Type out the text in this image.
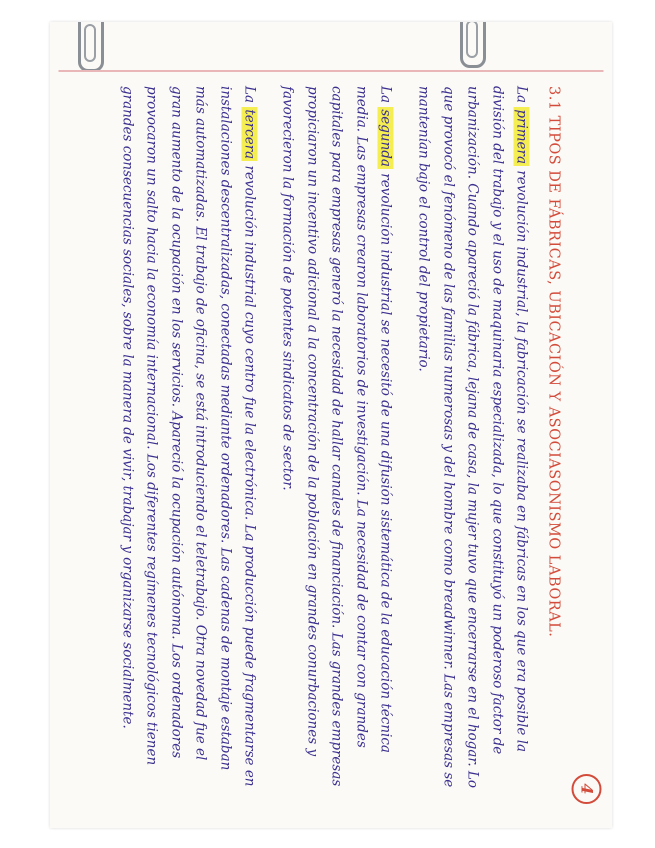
4
3.1 TIPOS DE FÁBRICAS, UBICACIÓN Y ASOCIASONISMO LABORAL.

La primera revolución industrial, la fabricación se realizaba en fábricas en los que era posible la división del trabajo y el uso de maquinaria especializada, lo que constituyó un poderoso factor de urbanización. Cuando apareció la fábrica, lejana de casa, la mujer tuvo que encerrarse en el hogar. Lo que provocó el fenómeno de las familias numerosas y del hombre como breadwinner. Las empresas se mantenían bajo el control del propietario.

La segunda revolución industrial se necesitó de una difusión sistemática de la educación técnica media. Las empresas crearon laboratorios de investigación. La necesidad de contar con grandes capitales para empresas generó la necesidad de hallar canales de financiación. Las grandes empresas propiciaron un incentivo adicional a la concentración de la población en grandes conurbaciones y favorecieron la formación de potentes sindicatos de sector.

La tercera revolución industrial cuyo centro fue la electrónica. La producción puede fragmentarse en instalaciones descentralizadas, conectadas mediante ordenadores. Las cadenas de montaje estaban más automatizadas. El trabajo de oficina, se está introduciendo el teletrabajo. Otra novedad fue el gran aumento de la ocupación en los servicios. Apareció la ocupación autónoma. Los ordenadores provocaron un salto hacia la economía internacional. Los diferentes regímenes tecnológicos tienen grandes consecuencias sociales, sobre la manera de vivir, trabajar y organizarse socialmente.
